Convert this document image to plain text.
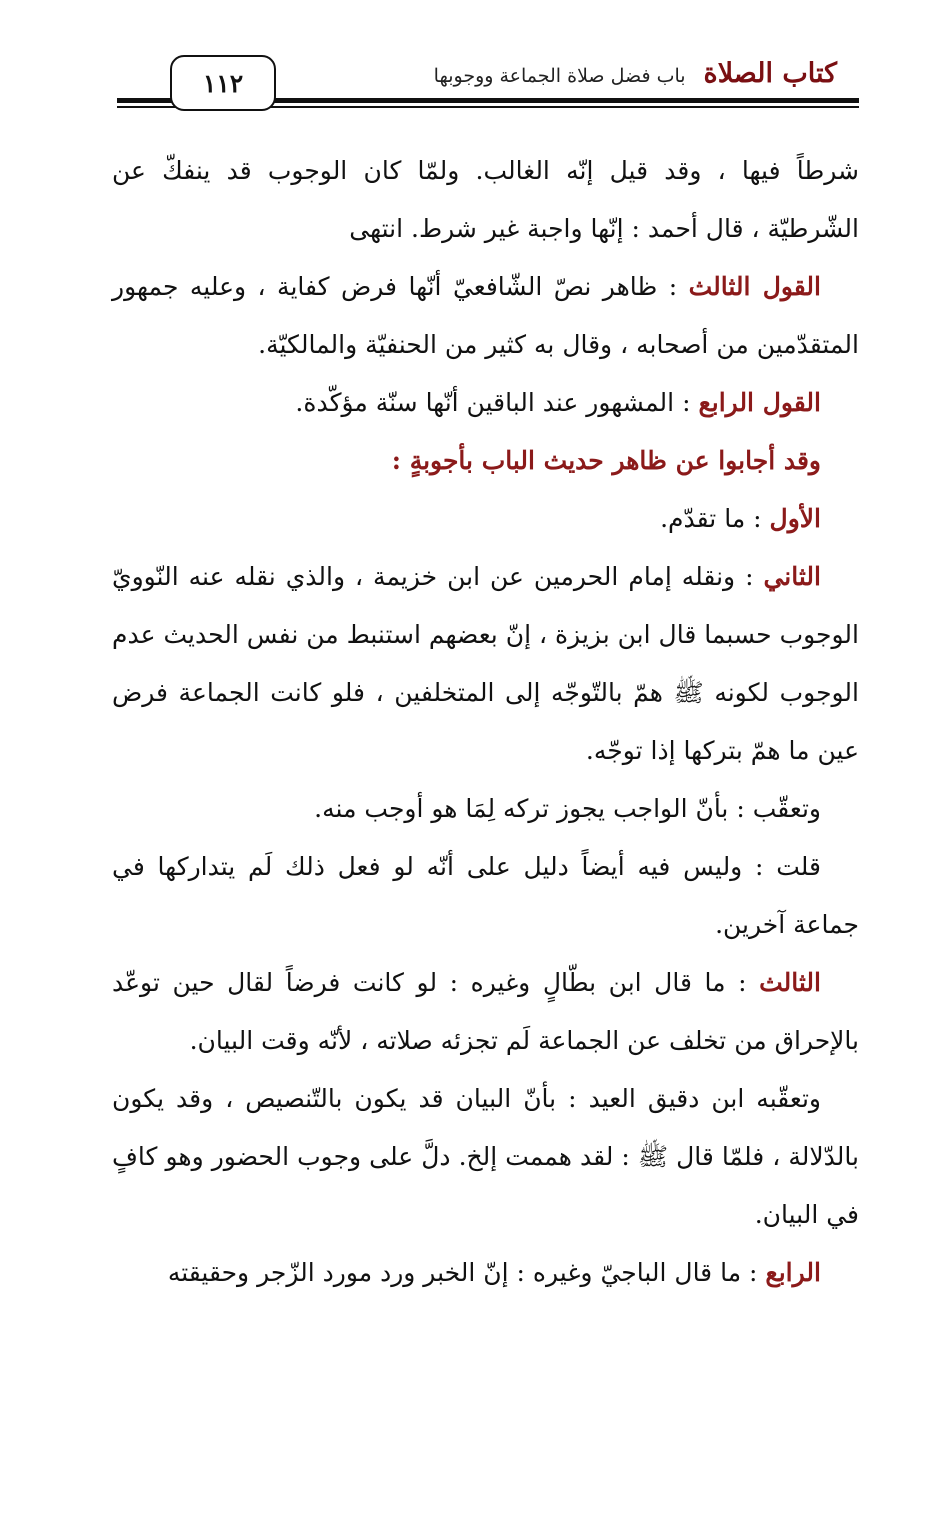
كتاب الصلاة
باب فضل صلاة الجماعة ووجوبها
١١٢

شرطاً فيها ، وقد قيل إنّه الغالب. ولمّا كان الوجوب قد ينفكّ عن الشّرطيّة ، قال أحمد : إنّها واجبة غير شرط. انتهى

القول الثالث : ظاهر نصّ الشّافعيّ أنّها فرض كفاية ، وعليه جمهور المتقدّمين من أصحابه ، وقال به كثير من الحنفيّة والمالكيّة.

القول الرابع : المشهور عند الباقين أنّها سنّة مؤكّدة.

وقد أجابوا عن ظاهر حديث الباب بأجوبةٍ :

الأول : ما تقدّم.

الثاني : ونقله إمام الحرمين عن ابن خزيمة ، والذي نقله عنه النّوويّ الوجوب حسبما قال ابن بزيزة ، إنّ بعضهم استنبط من نفس الحديث عدم الوجوب لكونه ﷺ همّ بالتّوجّه إلى المتخلفين ، فلو كانت الجماعة فرض عين ما همّ بتركها إذا توجّه.

وتعقّب : بأنّ الواجب يجوز تركه لِمَا هو أوجب منه.

قلت : وليس فيه أيضاً دليل على أنّه لو فعل ذلك لَم يتداركها في جماعة آخرين.

الثالث : ما قال ابن بطّالٍ وغيره : لو كانت فرضاً لقال حين توعّد بالإحراق من تخلف عن الجماعة لَم تجزئه صلاته ، لأنّه وقت البيان.

وتعقّبه ابن دقيق العيد : بأنّ البيان قد يكون بالتّنصيص ، وقد يكون بالدّلالة ، فلمّا قال ﷺ : لقد هممت إلخ. دلَّ على وجوب الحضور وهو كافٍ في البيان.

الرابع : ما قال الباجيّ وغيره : إنّ الخبر ورد مورد الزّجر وحقيقته
